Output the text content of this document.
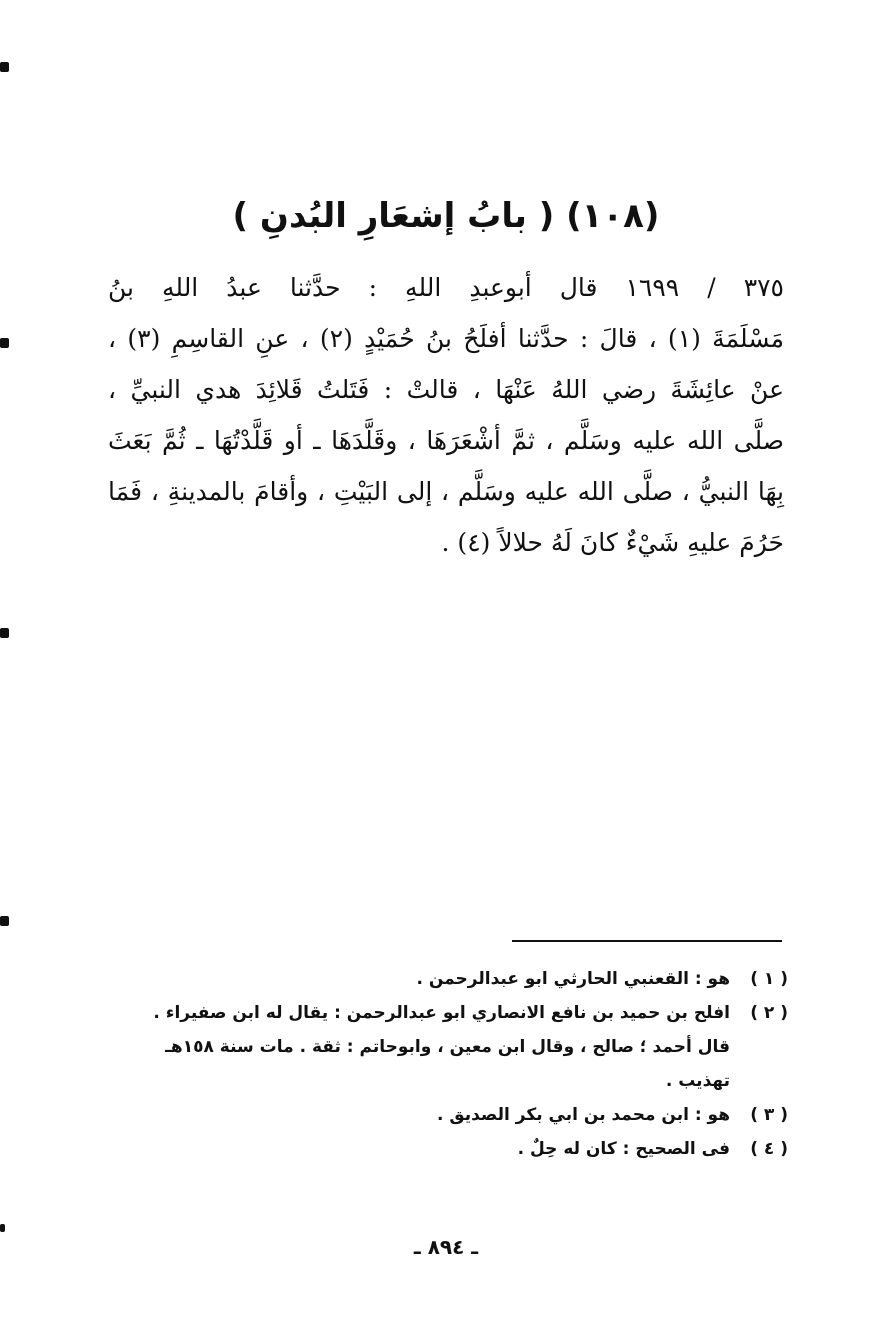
(١٠٨) ( بابُ إشعَارِ البُدنِ )
٣٧٥ / ١٦٩٩ قال أبوعبدِ اللهِ : حدَّثنا عبدُ اللهِ بنُ
مَسْلَمَةَ (١) ، قالَ : حدَّثنا أفلَحُ بنُ حُمَيْدٍ (٢) ، عنِ القاسِمِ (٣) ،
عنْ عائِشَةَ رضي اللهُ عَنْهَا ، قالتْ : فَتَلتُ قَلائِدَ هدي النبيِّ ،
صلَّى الله عليه وسَلَّم ، ثمَّ أشْعَرَهَا ، وقَلَّدَهَا ـ أو قَلَّدْتُهَا ـ ثُمَّ بَعَثَ
بِهَا النبيُّ ، صلَّى الله عليه وسَلَّم ، إلى البَيْتِ ، وأقامَ بالمدينةِ ، فَمَا
حَرُمَ عليهِ شَيْءٌ كانَ لَهُ حلالاً (٤) .
( ١ )
هو : القعنبي الحارثي ابو عبدالرحمن .
( ٢ )
افلح بن حميد بن نافع الانصاري ابو عبدالرحمن : يقال له ابن صفيراء .
قال أحمد ؛ صالح ، وقال ابن معين ، وابوحاتم : ثقة . مات سنة ١٥٨هـ
تهذيب .
( ٣ )
هو : ابن محمد بن ابي بكر الصديق .
( ٤ )
فى الصحيح : كان له حِلٌ .
ـ ٨٩٤ ـ
